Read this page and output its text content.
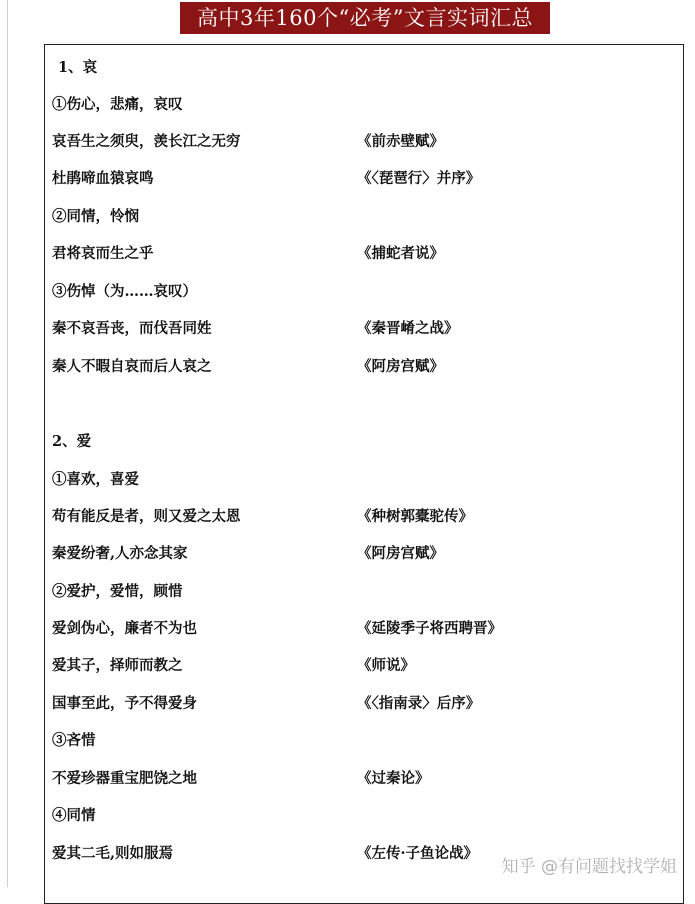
高中3年160个“必考”文言实词汇总
1、哀
①伤心，悲痛，哀叹
哀吾生之须臾，羡长江之无穷	《前赤壁赋》
杜鹃啼血猿哀鸣	《〈琵琶行〉并序》
②同情，怜悯
君将哀而生之乎	《捕蛇者说》
③伤悼（为……哀叹）
秦不哀吾丧，而伐吾同姓	《秦晋崤之战》
秦人不暇自哀而后人哀之	《阿房宫赋》
2、爱
①喜欢，喜爱
苟有能反是者，则又爱之太恩	《种树郭橐驼传》
秦爱纷奢,人亦念其家	《阿房宫赋》
②爱护，爱惜，顾惜
爱剑伪心，廉者不为也	《延陵季子将西聘晋》
爱其子，择师而教之	《师说》
国事至此，予不得爱身	《〈指南录〉后序》
③吝惜
不爱珍器重宝肥饶之地	《过秦论》
④同情
爱其二毛,则如服焉	《左传·子鱼论战》
知乎 @有问题找找学姐
